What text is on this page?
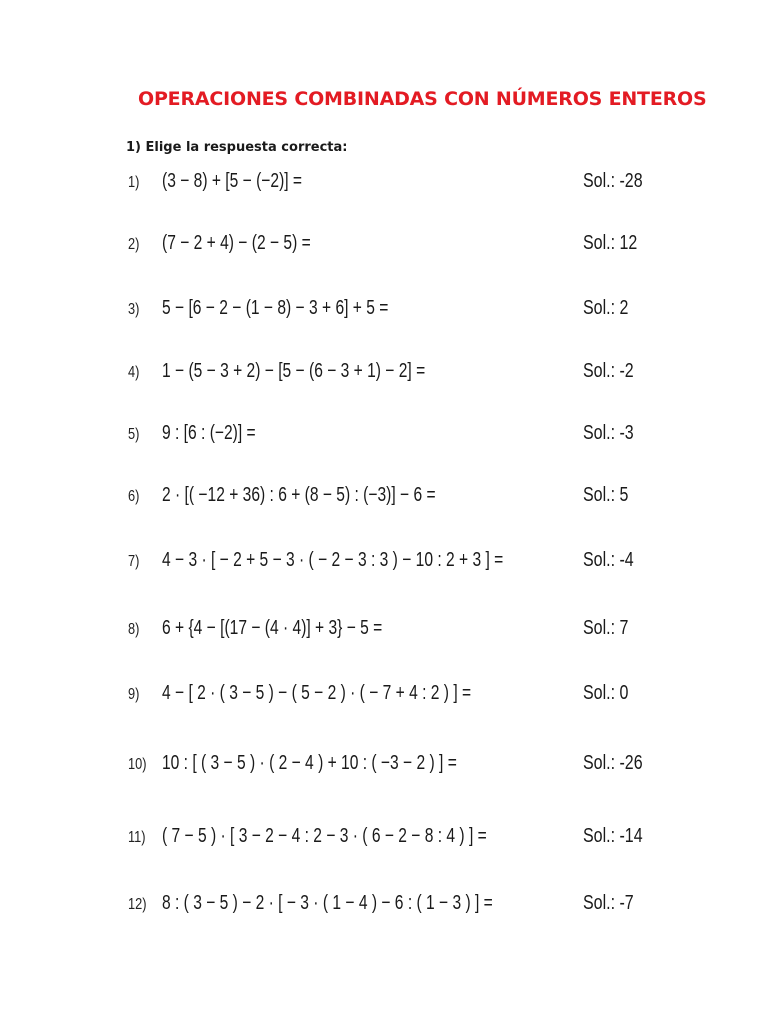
OPERACIONES COMBINADAS CON NÚMEROS ENTEROS
1) Elige la respuesta correcta:
1) (3 − 8) + [5 − (−2)] =	Sol.: -28
2) (7 − 2 + 4) − (2 − 5) =	Sol.: 12
3) 5 − [6 − 2 − (1 − 8) − 3 + 6] + 5 =	Sol.: 2
4) 1 − (5 − 3 + 2) − [5 − (6 − 3 + 1) − 2] =	Sol.: -2
5) 9 : [6 : (−2)] =	Sol.: -3
6) 2 · [( −12 + 36) : 6 + (8 − 5) : (−3)] − 6 =	Sol.: 5
7) 4 − 3 · [ − 2 + 5 − 3 · ( − 2 − 3 : 3 ) − 10 : 2 + 3 ] =	Sol.: -4
8) 6 + {4 − [(17 − (4 · 4)] + 3} − 5 =	Sol.: 7
9) 4 − [ 2 · ( 3 − 5 ) − ( 5 − 2 ) · ( − 7 + 4 : 2 ) ] =	Sol.: 0
10) 10 : [ ( 3 − 5 ) · ( 2 − 4 ) + 10 : ( −3 − 2 ) ] =	Sol.: -26
11) ( 7 − 5 ) · [ 3 − 2 − 4 : 2 − 3 · ( 6 − 2 − 8 : 4 ) ] =	Sol.: -14
12) 8 : ( 3 − 5 ) − 2 · [ − 3 · ( 1 − 4 ) − 6 : ( 1 − 3 ) ] =	Sol.: -7
